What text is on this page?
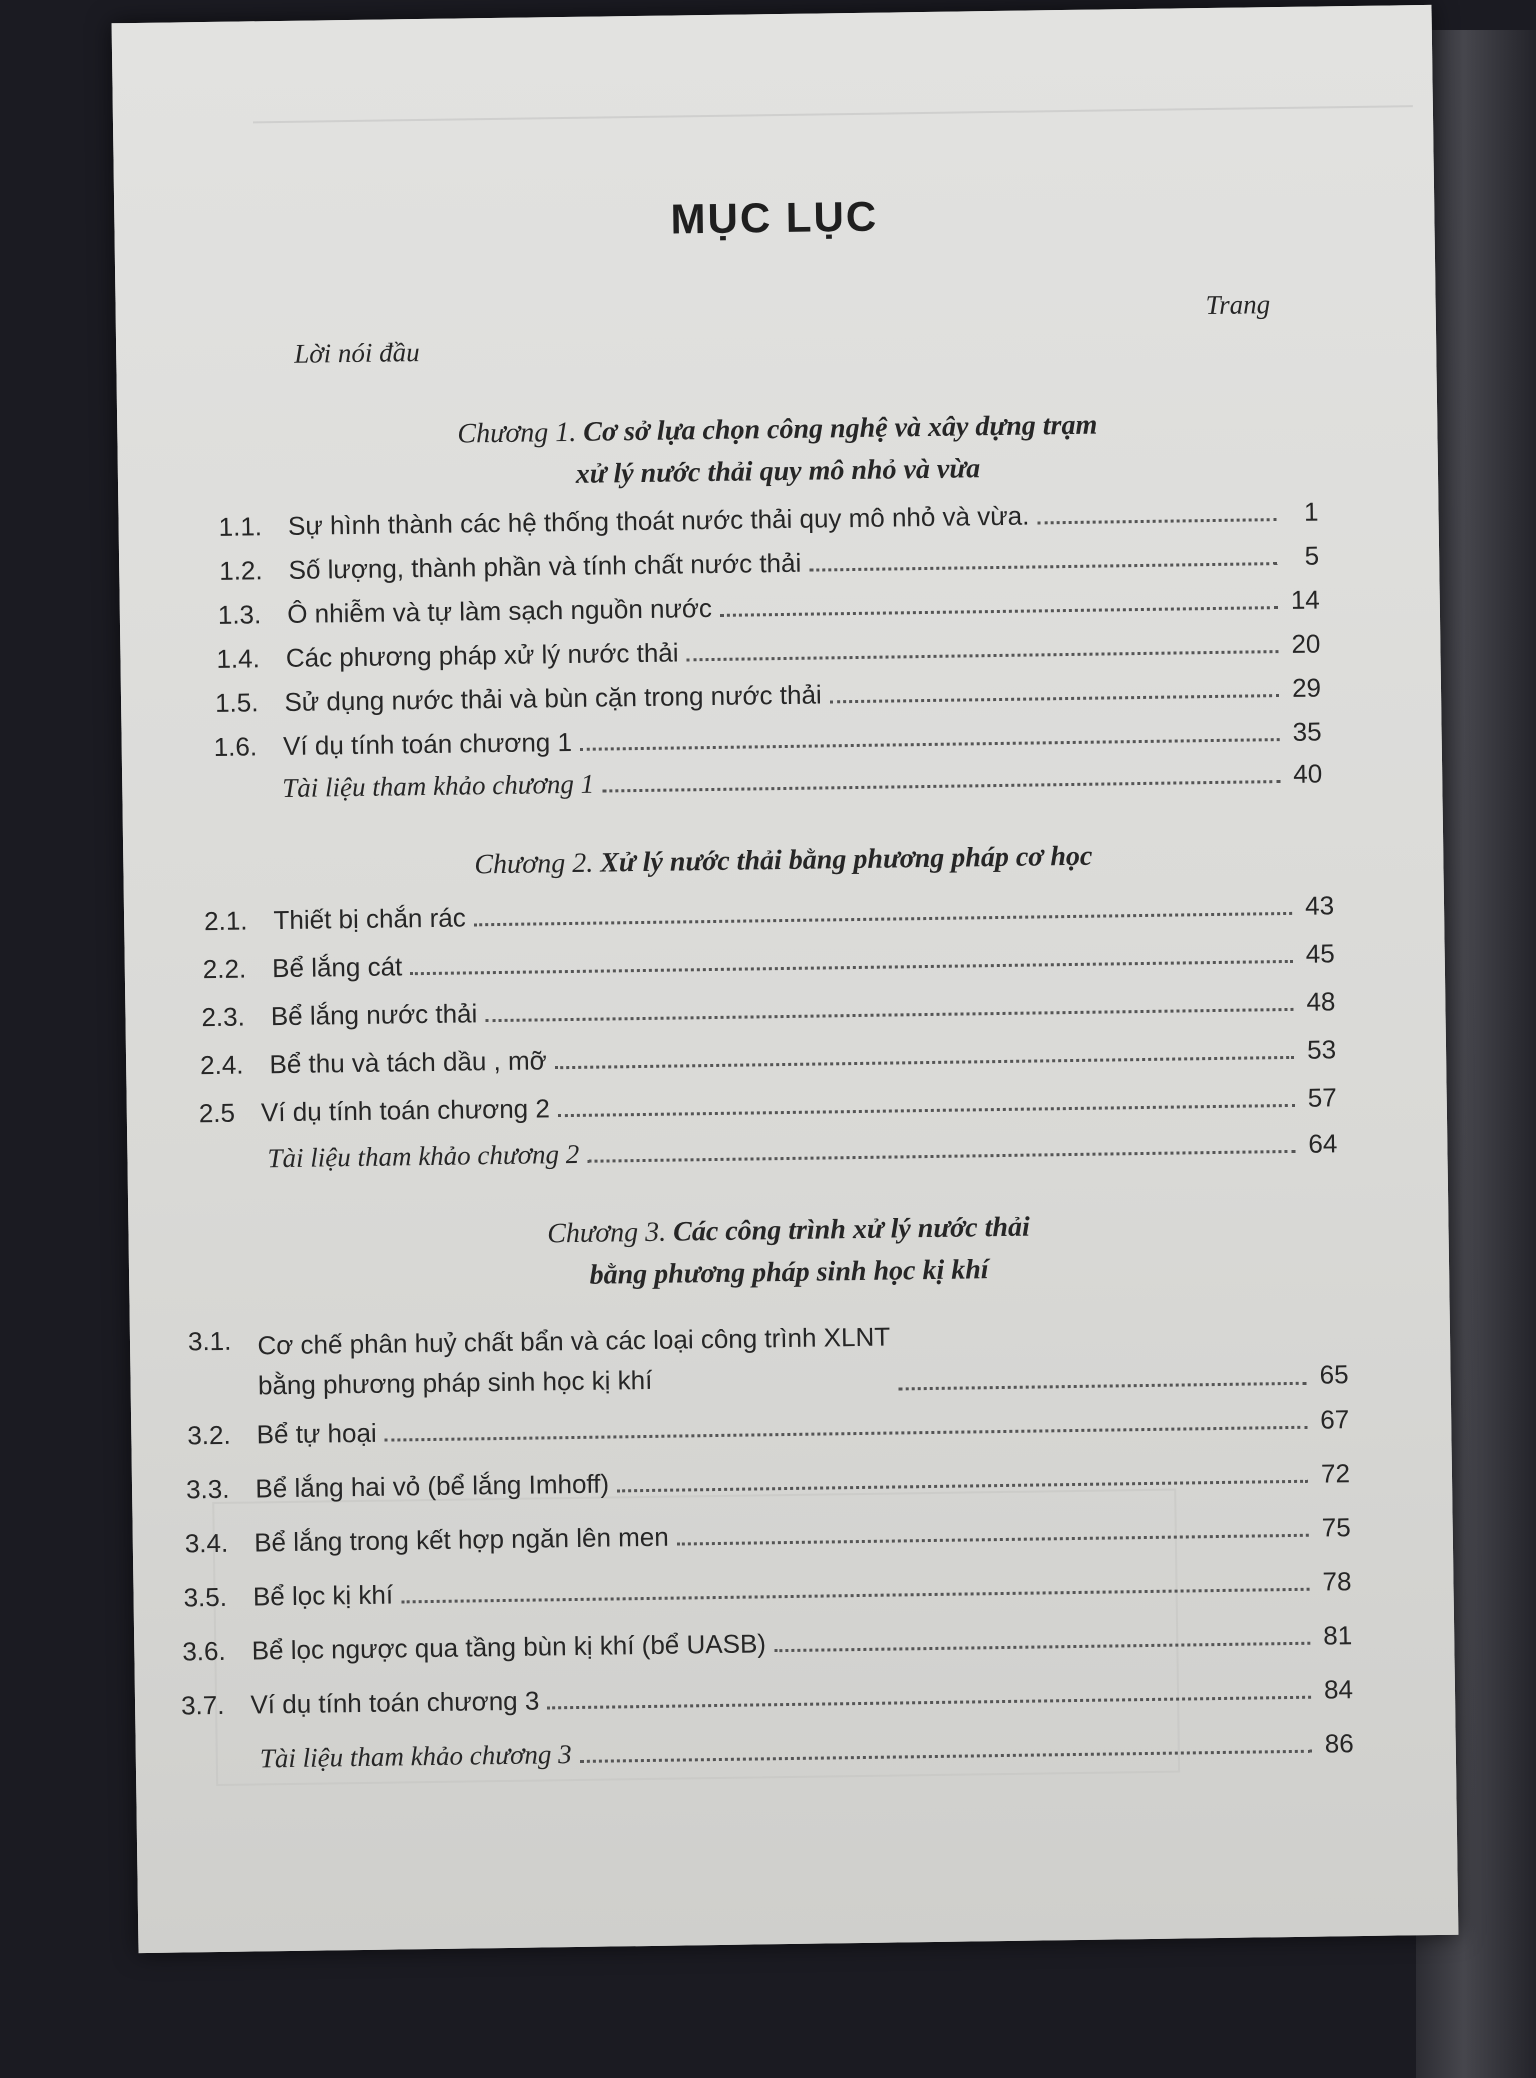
MỤC LỤC
Trang
Lời nói đầu
Chương 1. Cơ sở lựa chọn công nghệ và xây dựng trạm
xử lý nước thải quy mô nhỏ và vừa
1.1. Sự hình thành các hệ thống thoát nước thải quy mô nhỏ và vừa.	1
1.2. Số lượng, thành phần và tính chất nước thải	5
1.3. Ô nhiễm và tự làm sạch nguồn nước	14
1.4. Các phương pháp xử lý nước thải	20
1.5. Sử dụng nước thải và bùn cặn trong nước thải	29
1.6. Ví dụ tính toán chương 1	35
Tài liệu tham khảo chương 1	40
Chương 2. Xử lý nước thải bằng phương pháp cơ học
2.1. Thiết bị chắn rác	43
2.2. Bể lắng cát	45
2.3. Bể lắng nước thải	48
2.4. Bể thu và tách dầu , mỡ	53
2.5 Ví dụ tính toán chương 2	57
Tài liệu tham khảo chương 2	64
Chương 3. Các công trình xử lý nước thải
bằng phương pháp sinh học kị khí
3.1. Cơ chế phân huỷ chất bẩn và các loại công trình XLNT
bằng phương pháp sinh học kị khí	65
3.2. Bể tự hoại	67
3.3. Bể lắng hai vỏ (bể lắng Imhoff)	72
3.4. Bể lắng trong kết hợp ngăn lên men	75
3.5. Bể lọc kị khí	78
3.6. Bể lọc ngược qua tầng bùn kị khí (bể UASB)	81
3.7. Ví dụ tính toán chương 3	84
Tài liệu tham khảo chương 3	86
